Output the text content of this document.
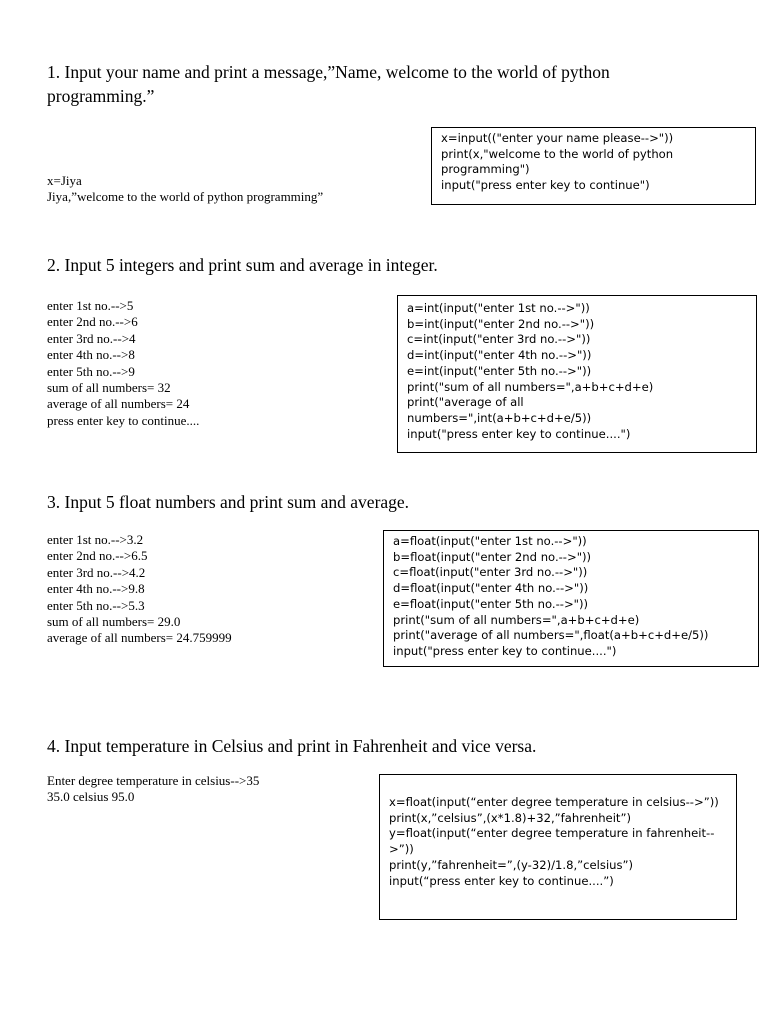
1. Input your name and print a message,”Name, welcome to the world of python programming.”

x=Jiya
Jiya,”welcome to the world of python programming”
x=input(("enter your name please-->"))
print(x,"welcome to the world of python programming")
input("press enter key to continue")

2. Input 5 integers and print sum and average in integer.

enter 1st no.-->5
enter 2nd no.-->6
enter 3rd no.-->4
enter 4th no.-->8
enter 5th no.-->9
sum of all numbers= 32
average of all numbers= 24
press enter key to continue....
a=int(input("enter 1st no.-->"))
b=int(input("enter 2nd no.-->"))
c=int(input("enter 3rd no.-->"))
d=int(input("enter 4th no.-->"))
e=int(input("enter 5th no.-->"))
print("sum of all numbers=",a+b+c+d+e)
print("average of all numbers=",int(a+b+c+d+e/5))
input("press enter key to continue....")

3. Input 5 float numbers and print sum and average.

enter 1st no.-->3.2
enter 2nd no.-->6.5
enter 3rd no.-->4.2
enter 4th no.-->9.8
enter 5th no.-->5.3
sum of all numbers= 29.0
average of all numbers= 24.759999
a=float(input("enter 1st no.-->"))
b=float(input("enter 2nd no.-->"))
c=float(input("enter 3rd no.-->"))
d=float(input("enter 4th no.-->"))
e=float(input("enter 5th no.-->"))
print("sum of all numbers=",a+b+c+d+e)
print("average of all numbers=",float(a+b+c+d+e/5))
input("press enter key to continue....")

4. Input temperature in Celsius and print in Fahrenheit and vice versa.

Enter degree temperature in celsius-->35
35.0 celsius 95.0	x=float(input(“enter degree temperature in celsius-->”))
print(x,”celsius”,(x*1.8)+32,”fahrenheit”)
y=float(input(“enter degree temperature in fahrenheit-->”))
print(y,”fahrenheit=”,(y-32)/1.8,”celsius”)
input(“press enter key to continue....”)
